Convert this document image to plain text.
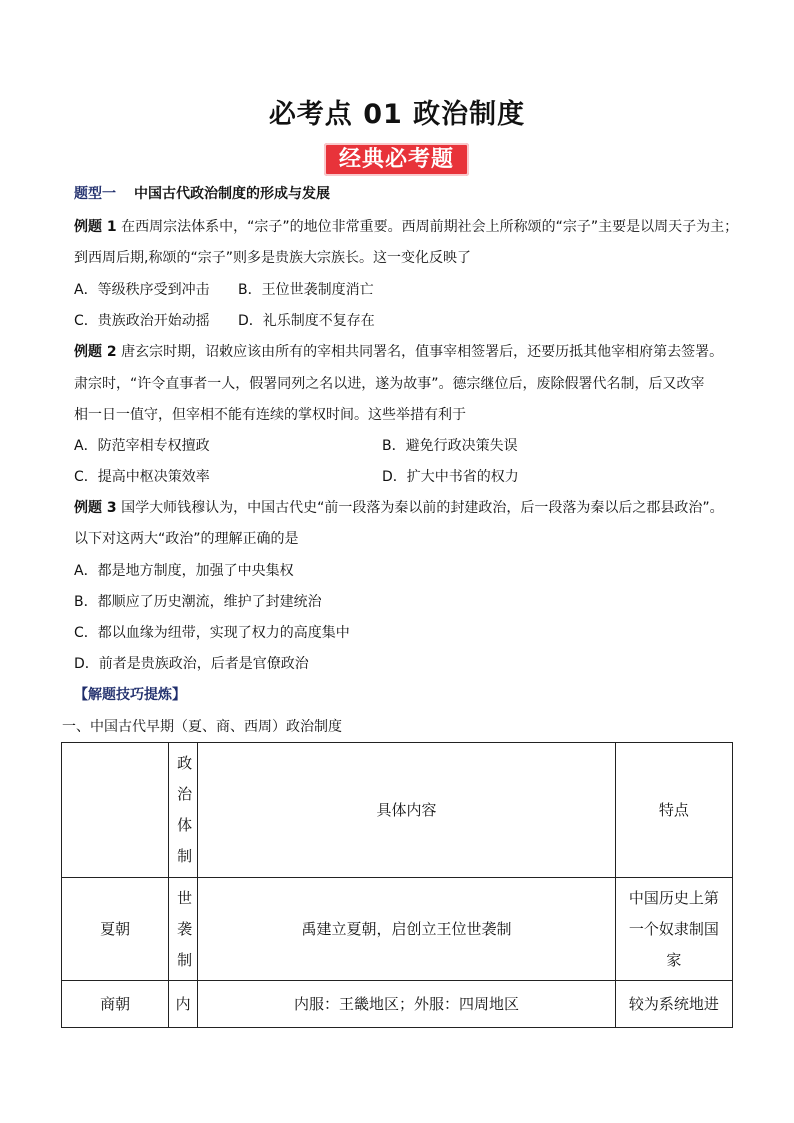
必考点 01 政治制度
经典必考题
题型一 中国古代政治制度的形成与发展
例题 1 在西周宗法体系中，“宗子”的地位非常重要。西周前期社会上所称颂的“宗子”主要是以周天子为主；
到西周后期,称颂的“宗子”则多是贵族大宗族长。这一变化反映了
A．等级秩序受到冲击 B．王位世袭制度消亡
C．贵族政治开始动摇 D．礼乐制度不复存在
例题 2 唐玄宗时期，诏敕应该由所有的宰相共同署名，值事宰相签署后，还要历抵其他宰相府第去签署。
肃宗时，“许令直事者一人，假署同列之名以进，遂为故事”。德宗继位后，废除假署代名制，后又改宰
相一日一值守，但宰相不能有连续的掌权时间。这些举措有利于
A．防范宰相专权擅政	B．避免行政决策失误
C．提高中枢决策效率	D．扩大中书省的权力
例题 3 国学大师钱穆认为，中国古代史“前一段落为秦以前的封建政治，后一段落为秦以后之郡县政治”。
以下对这两大“政治”的理解正确的是
A．都是地方制度，加强了中央集权
B．都顺应了历史潮流，维护了封建统治
C．都以血缘为纽带，实现了权力的高度集中
D．前者是贵族政治，后者是官僚政治
【解题技巧提炼】
一、中国古代早期（夏、商、西周）政治制度

	政治体制	具体内容	特点
夏朝	世袭制	禹建立夏朝，启创立王位世袭制	中国历史上第一个奴隶制国家

商朝	内	内服：王畿地区；外服：四周地区	较为系统地进
